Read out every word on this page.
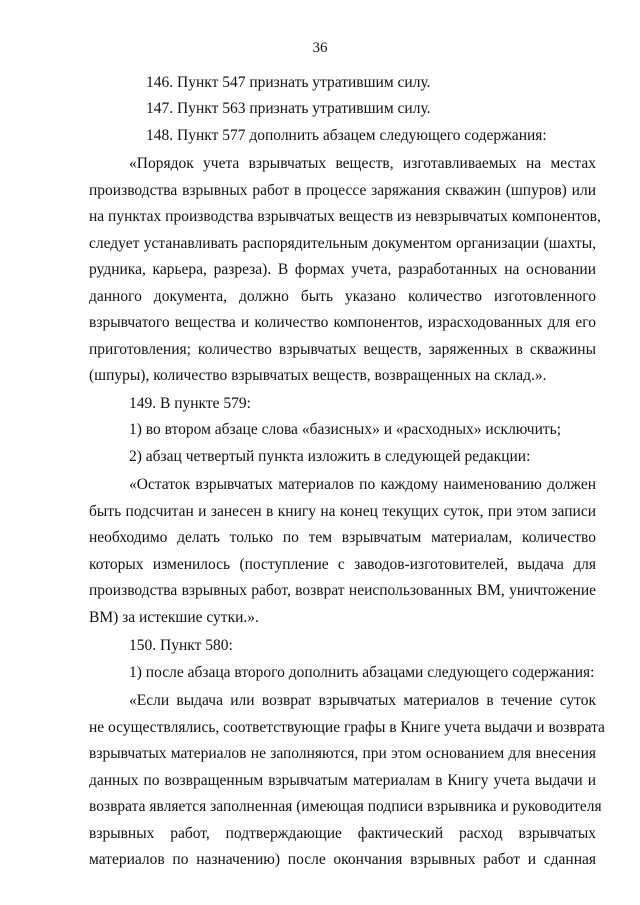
36
146. Пункт 547 признать утратившим силу.
147. Пункт 563 признать утратившим силу.
148. Пункт 577 дополнить абзацем следующего содержания:
«Порядок учета взрывчатых веществ, изготавливаемых на местах
производства взрывных работ в процессе заряжания скважин (шпуров) или
на пунктах производства взрывчатых веществ из невзрывчатых компонентов,
следует устанавливать распорядительным документом организации (шахты,
рудника, карьера, разреза). В формах учета, разработанных на основании
данного документа, должно быть указано количество изготовленного
взрывчатого вещества и количество компонентов, израсходованных для его
приготовления; количество взрывчатых веществ, заряженных в скважины
(шпуры), количество взрывчатых веществ, возвращенных на склад.».
149. В пункте 579:
1) во втором абзаце слова «базисных» и «расходных» исключить;
2) абзац четвертый пункта изложить в следующей редакции:
«Остаток взрывчатых материалов по каждому наименованию должен
быть подсчитан и занесен в книгу на конец текущих суток, при этом записи
необходимо делать только по тем взрывчатым материалам, количество
которых изменилось (поступление с заводов-изготовителей, выдача для
производства взрывных работ, возврат неиспользованных ВМ, уничтожение
ВМ) за истекшие сутки.».
150. Пункт 580:
1) после абзаца второго дополнить абзацами следующего содержания:
«Если выдача или возврат взрывчатых материалов в течение суток
не осуществлялись, соответствующие графы в Книге учета выдачи и возврата
взрывчатых материалов не заполняются, при этом основанием для внесения
данных по возвращенным взрывчатым материалам в Книгу учета выдачи и
возврата является заполненная (имеющая подписи взрывника и руководителя
взрывных работ, подтверждающие фактический расход взрывчатых
материалов по назначению) после окончания взрывных работ и сданная
